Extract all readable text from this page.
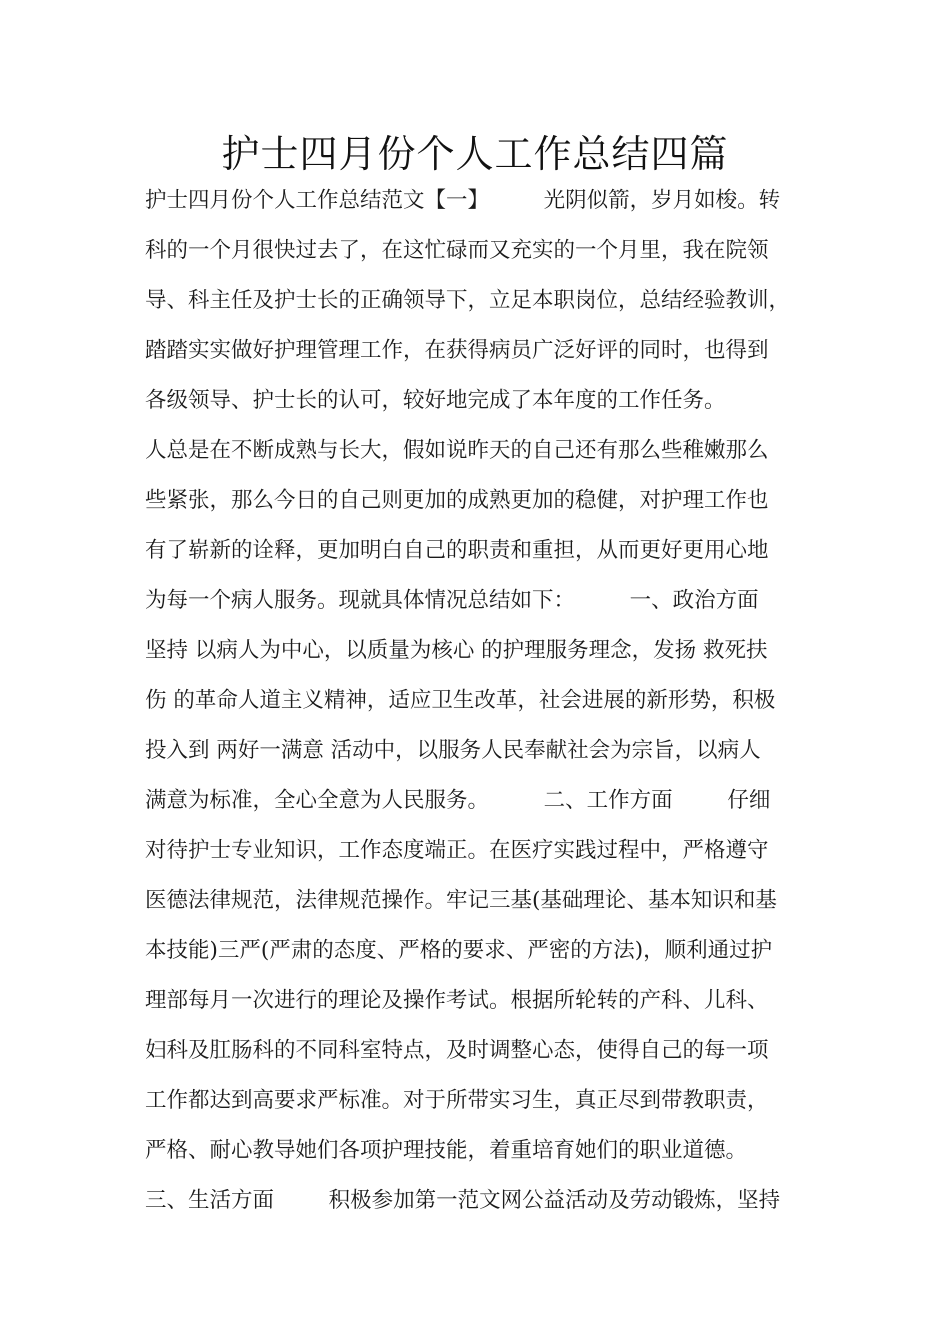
护士四月份个人工作总结四篇
护士四月份个人工作总结范文【一】        光阴似箭，岁月如梭。转
科的一个月很快过去了，在这忙碌而又充实的一个月里，我在院领
导、科主任及护士长的正确领导下，立足本职岗位，总结经验教训，
踏踏实实做好护理管理工作，在获得病员广泛好评的同时，也得到
各级领导、护士长的认可，较好地完成了本年度的工作任务。
人总是在不断成熟与长大，假如说昨天的自己还有那么些稚嫩那么
些紧张，那么今日的自己则更加的成熟更加的稳健，对护理工作也
有了崭新的诠释，更加明白自己的职责和重担，从而更好更用心地
为每一个病人服务。现就具体情况总结如下：        一、政治方面
坚持 以病人为中心，以质量为核心 的护理服务理念，发扬 救死扶
伤 的革命人道主义精神，适应卫生改革，社会进展的新形势，积极
投入到 两好一满意 活动中，以服务人民奉献社会为宗旨，以病人
满意为标准，全心全意为人民服务。        二、工作方面        仔细
对待护士专业知识，工作态度端正。在医疗实践过程中，严格遵守
医德法律规范，法律规范操作。牢记三基(基础理论、基本知识和基
本技能)三严(严肃的态度、严格的要求、严密的方法)，顺利通过护
理部每月一次进行的理论及操作考试。根据所轮转的产科、儿科、
妇科及肛肠科的不同科室特点，及时调整心态，使得自己的每一项
工作都达到高要求严标准。对于所带实习生，真正尽到带教职责，
严格、耐心教导她们各项护理技能，着重培育她们的职业道德。
三、生活方面        积极参加第一范文网公益活动及劳动锻炼，坚持
